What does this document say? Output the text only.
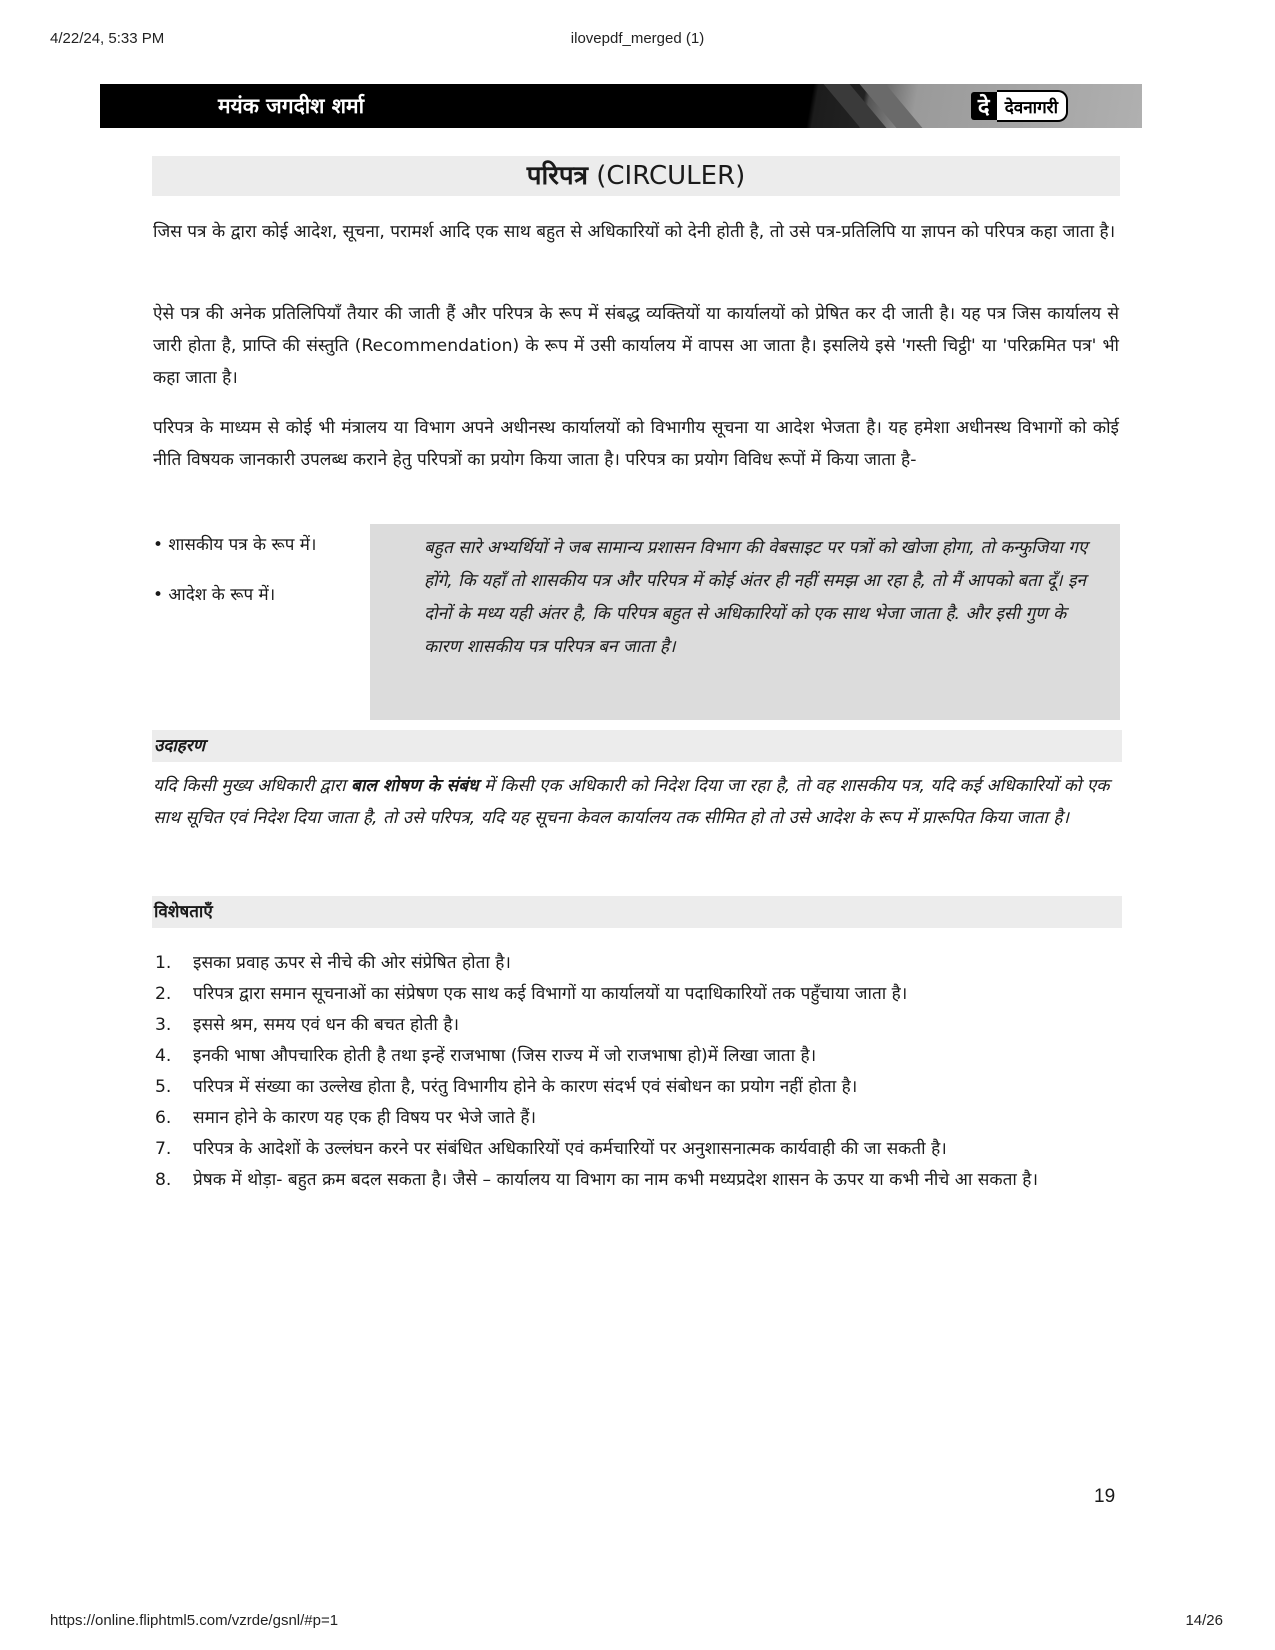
4/22/24, 5:33 PM	ilovepdf_merged (1)
मयंक जगदीश शर्मा	दे देवनागरी
परिपत्र (CIRCULER)

जिस पत्र के द्वारा कोई आदेश, सूचना, परामर्श आदि एक साथ बहुत से अधिकारियों को देनी होती है, तो उसे पत्र-प्रतिलिपि या ज्ञापन को परिपत्र कहा जाता है।

ऐसे पत्र की अनेक प्रतिलिपियाँ तैयार की जाती हैं और परिपत्र के रूप में संबद्ध व्यक्तियों या कार्यालयों को प्रेषित कर दी जाती है। यह पत्र जिस कार्यालय से जारी होता है, प्राप्ति की संस्तुति (Recommendation) के रूप में उसी कार्यालय में वापस आ जाता है। इसलिये इसे 'गस्ती चिट्ठी' या 'परिक्रमित पत्र' भी कहा जाता है।

परिपत्र के माध्यम से कोई भी मंत्रालय या विभाग अपने अधीनस्थ कार्यालयों को विभागीय सूचना या आदेश भेजता है। यह हमेशा अधीनस्थ विभागों को कोई नीति विषयक जानकारी उपलब्ध कराने हेतु परिपत्रों का प्रयोग किया जाता है। परिपत्र का प्रयोग विविध रूपों में किया जाता है-

• शासकीय पत्र के रूप में।
• आदेश के रूप में।

बहुत सारे अभ्यर्थियों ने जब सामान्य प्रशासन विभाग की वेबसाइट पर पत्रों को खोजा होगा, तो कन्फुजिया गए होंगे, कि यहाँ तो शासकीय पत्र और परिपत्र में कोई अंतर ही नहीं समझ आ रहा है, तो मैं आपको बता दूँ। इन दोनों के मध्य यही अंतर है, कि परिपत्र बहुत से अधिकारियों को एक साथ भेजा जाता है. और इसी गुण के कारण शासकीय पत्र परिपत्र बन जाता है।

उदाहरण

यदि किसी मुख्य अधिकारी द्वारा बाल शोषण के संबंध में किसी एक अधिकारी को निदेश दिया जा रहा है, तो वह शासकीय पत्र, यदि कई अधिकारियों को एक साथ सूचित एवं निदेश दिया जाता है, तो उसे परिपत्र, यदि यह सूचना केवल कार्यालय तक सीमित हो तो उसे आदेश के रूप में प्रारूपित किया जाता है।

विशेषताएँ
1. इसका प्रवाह ऊपर से नीचे की ओर संप्रेषित होता है।
2. परिपत्र द्वारा समान सूचनाओं का संप्रेषण एक साथ कई विभागों या कार्यालयों या पदाधिकारियों तक पहुँचाया जाता है।
3. इससे श्रम, समय एवं धन की बचत होती है।
4. इनकी भाषा औपचारिक होती है तथा इन्हें राजभाषा (जिस राज्य में जो राजभाषा हो)में लिखा जाता है।
5. परिपत्र में संख्या का उल्लेख होता है, परंतु विभागीय होने के कारण संदर्भ एवं संबोधन का प्रयोग नहीं होता है।
6. समान होने के कारण यह एक ही विषय पर भेजे जाते हैं।
7. परिपत्र के आदेशों के उल्लंघन करने पर संबंधित अधिकारियों एवं कर्मचारियों पर अनुशासनात्मक कार्यवाही की जा सकती है।
8. प्रेषक में थोड़ा- बहुत क्रम बदल सकता है। जैसे – कार्यालय या विभाग का नाम कभी मध्यप्रदेश शासन के ऊपर या कभी नीचे आ सकता है।
19
https://online.fliphtml5.com/vzrde/gsnl/#p=1	14/26
